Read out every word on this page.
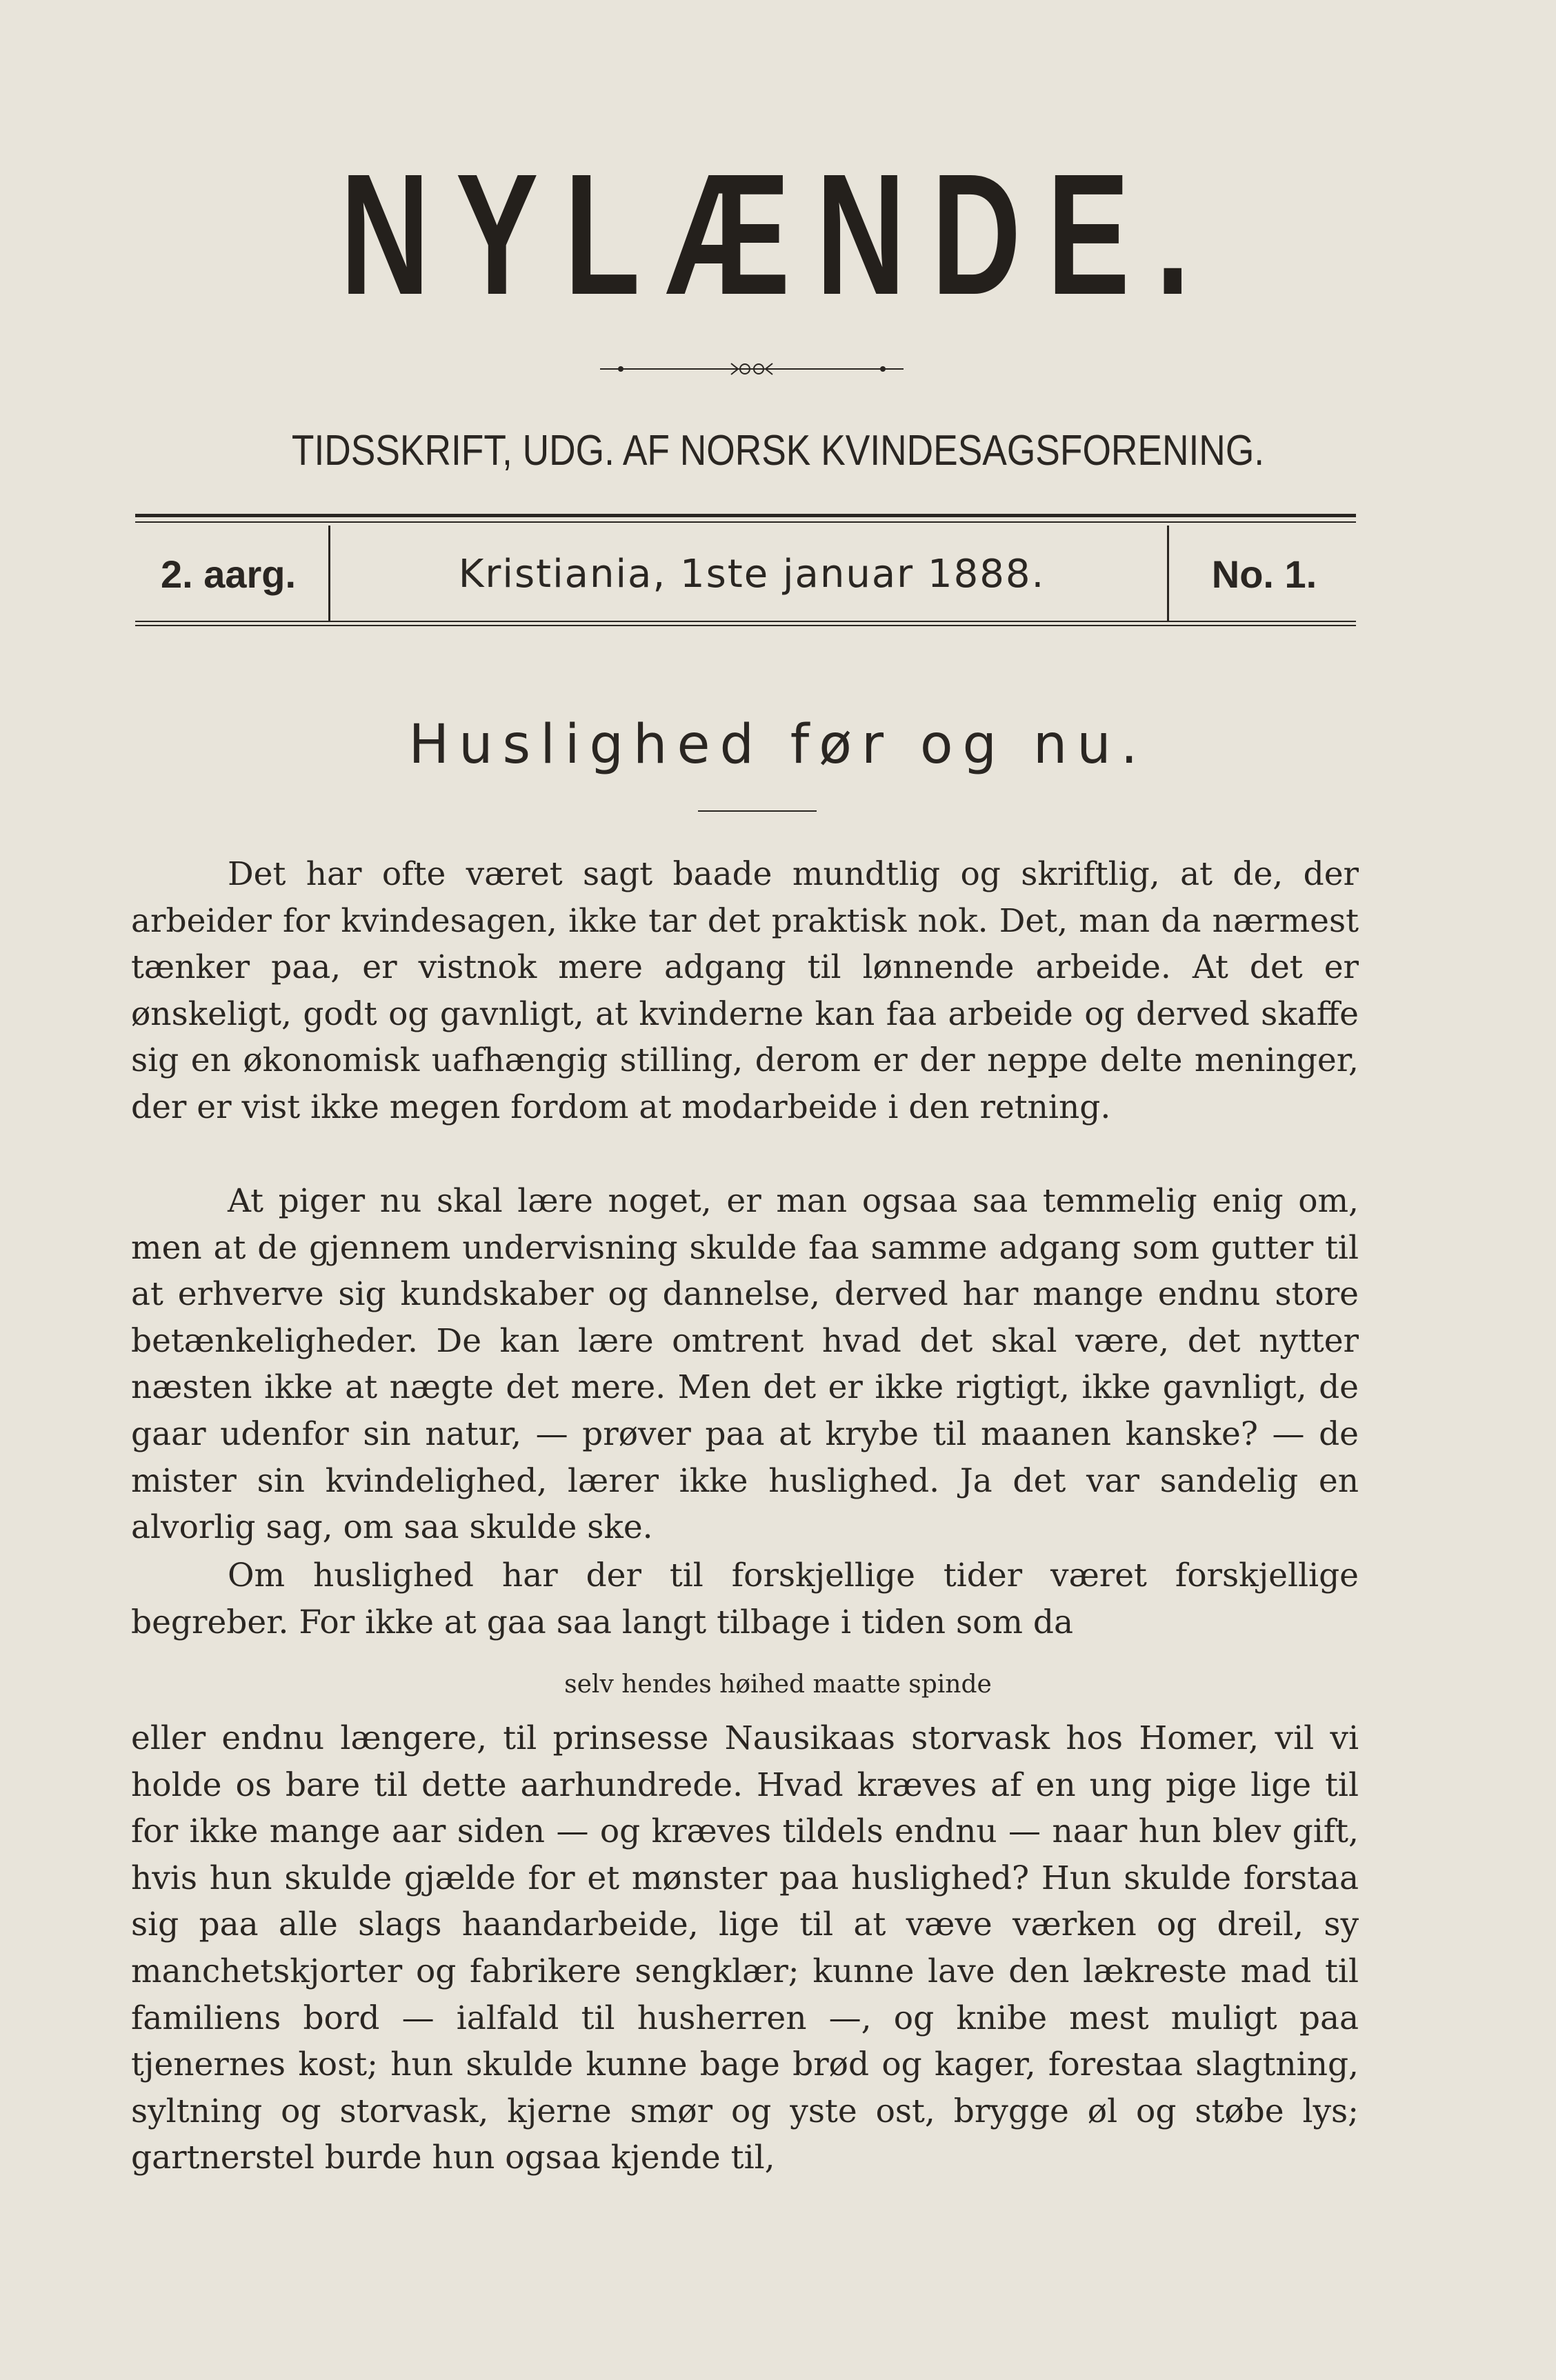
NYLÆNDE.
TIDSSKRIFT, UDG. AF NORSK KVINDESAGSFORENING.
2. aarg.	Kristiania, 1ste januar 1888.	No. 1.
Huslighed før og nu.
Det har ofte været sagt baade mundtlig og skriftlig, at de, der arbeider for kvindesagen, ikke tar det praktisk nok. Det, man da nærmest tænker paa, er vistnok mere adgang til lønnende arbeide. At det er ønskeligt, godt og gavnligt, at kvinderne kan faa arbeide og derved skaffe sig en økonomisk uafhængig stilling, derom er der neppe delte meninger, der er vist ikke megen fordom at modarbeide i den retning.
At piger nu skal lære noget, er man ogsaa saa temmelig enig om, men at de gjennem undervisning skulde faa samme adgang som gutter til at erhverve sig kundskaber og dannelse, derved har mange endnu store betænkeligheder. De kan lære omtrent hvad det skal være, det nytter næsten ikke at nægte det mere. Men det er ikke rigtigt, ikke gavnligt, de gaar udenfor sin natur, — prøver paa at krybe til maanen kanske? — de mister sin kvindelighed, lærer ikke huslighed. Ja det var sandelig en alvorlig sag, om saa skulde ske.
Om huslighed har der til forskjellige tider været forskjellige begreber. For ikke at gaa saa langt tilbage i tiden som da
selv hendes høihed maatte spinde
eller endnu længere, til prinsesse Nausikaas storvask hos Homer, vil vi holde os bare til dette aarhundrede. Hvad kræves af en ung pige lige til for ikke mange aar siden — og kræves tildels endnu — naar hun blev gift, hvis hun skulde gjælde for et mønster paa huslighed? Hun skulde forstaa sig paa alle slags haandarbeide, lige til at væve værken og dreil, sy manchetskjorter og fabrikere sengklær; kunne lave den lækreste mad til familiens bord — ialfald til husherren —, og knibe mest muligt paa tjenernes kost; hun skulde kunne bage brød og kager, forestaa slagtning, syltning og storvask, kjerne smør og yste ost, brygge øl og støbe lys; gartnerstel burde hun ogsaa kjende til,
